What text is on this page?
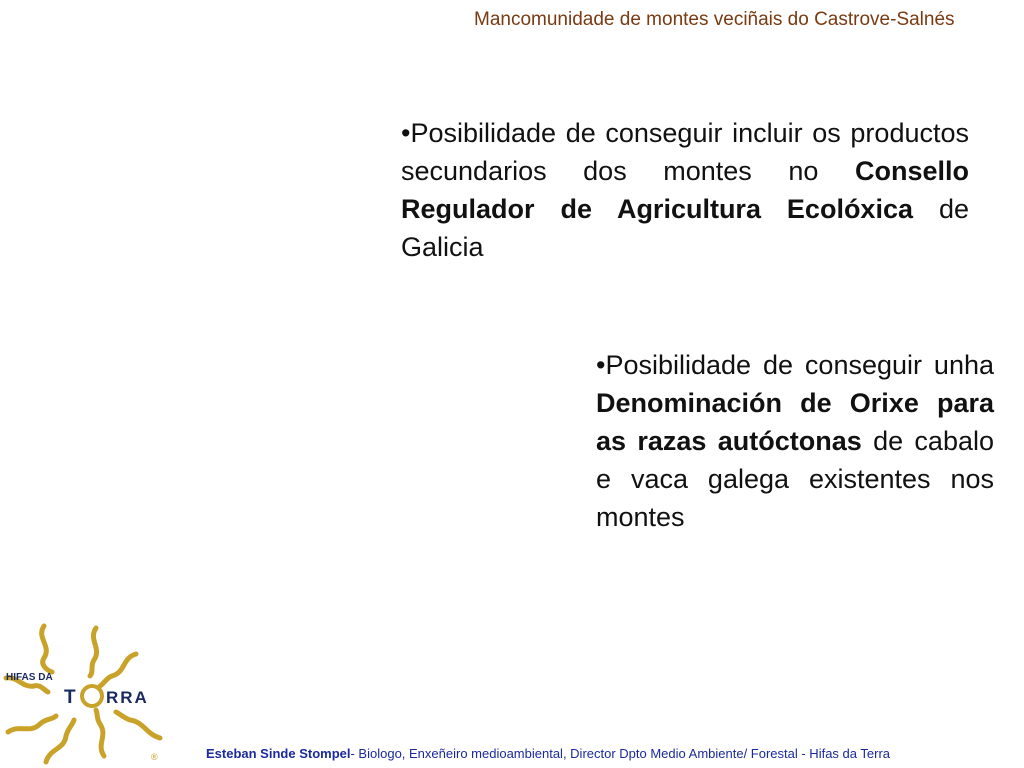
Mancomunidade de montes veciñais do Castrove-Salnés
•Posibilidade de conseguir incluir os productos secundarios dos montes no Consello Regulador de Agricultura Ecolóxica de Galicia
•Posibilidade de conseguir unha Denominación de Orixe para as razas autóctonas de cabalo e vaca galega existentes nos montes
HIFAS DA
T RRA
®	Esteban Sinde Stompel- Biologo, Enxeñeiro medioambiental, Director Dpto Medio Ambiente/ Forestal - Hifas da Terra
